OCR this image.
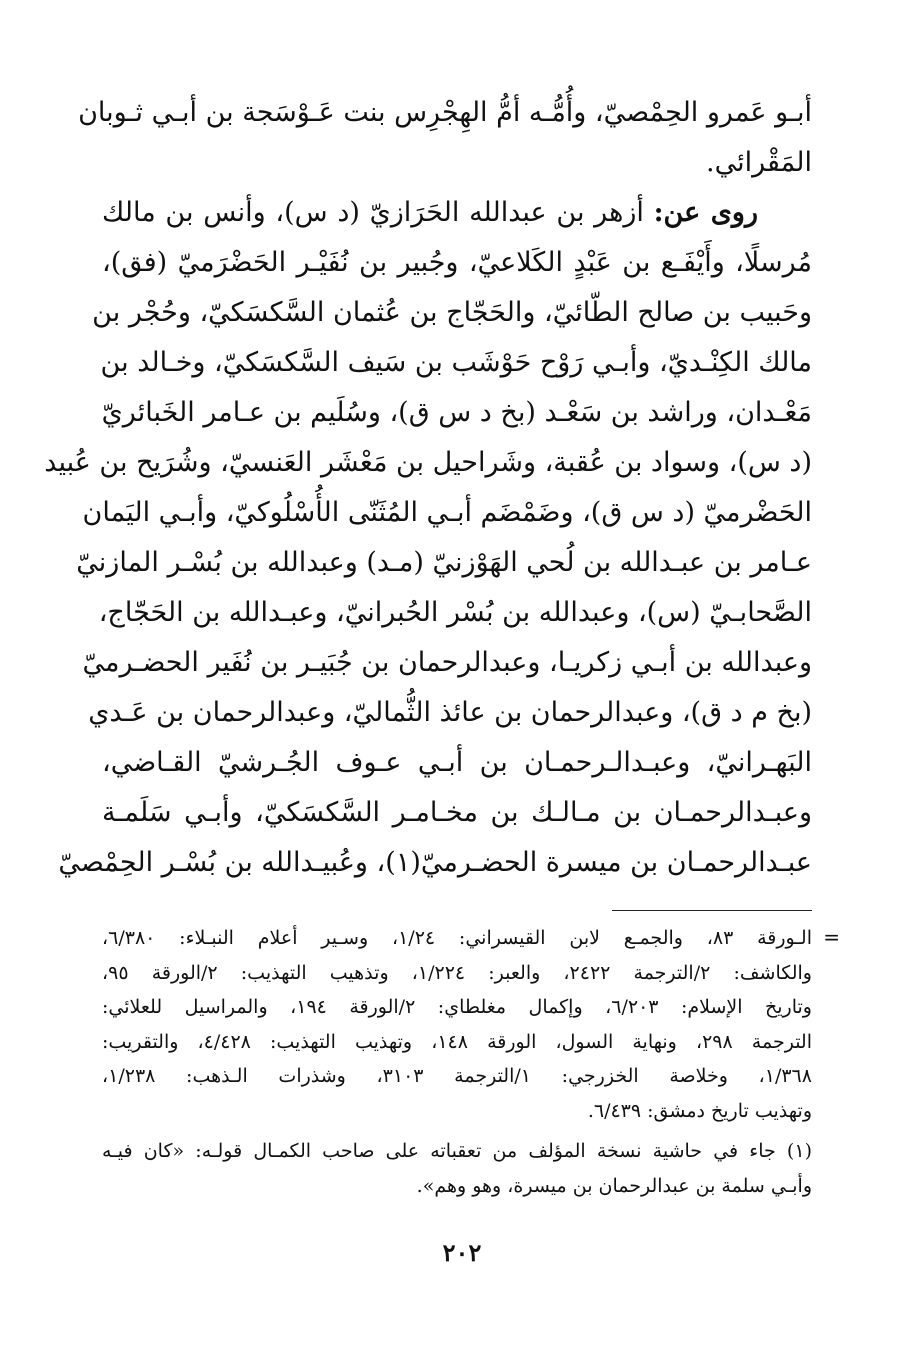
أبـو عَمرو الحِمْصيّ، وأُمُّـه أمُّ الهِجْرِس بنت عَـوْسَجة بن أبـي ثـوبان
المَقْرائي.
  روى عن: أزهر بن عبدالله الحَرَازيّ (د س)، وأنس بن مالك
مُرسلًا، وأَيْفَـع بن عَبْدٍ الكَلاعيّ، وجُبير بن نُفَيْـر الحَضْرَميّ (فق)،
وحَبيب بن صالح الطّائيّ، والحَجّاج بن عُثمان السَّكسَكيّ، وحُجْر بن
مالك الكِنْـديّ، وأبـي رَوْح حَوْشَب بن سَيف السَّكسَكيّ، وخـالد بن
مَعْـدان، وراشد بن سَعْـد (بخ د س ق)، وسُلَيم بن عـامر الخَبائريّ
(د س)، وسواد بن عُقبة، وشَراحيل بن مَعْشَر العَنسيّ، وشُرَيح بن عُبيد
الحَضْرميّ (د س ق)، وضَمْضَم أبـي المُثَنّى الأُسْلُوكيّ، وأبـي اليَمان
عـامر بن عبـدالله بن لُحي الهَوْزنيّ (مـد) وعبدالله بن بُسْـر المازنيّ
الصَّحابـيّ (س)، وعبدالله بن بُسْر الحُبرانيّ، وعبـدالله بن الحَجّاج،
وعبدالله بن أبـي زكريـا، وعبدالرحمان بن جُبَيـر بن نُفَير الحضـرميّ
(بخ م د ق)، وعبدالرحمان بن عائذ الثُّماليّ، وعبدالرحمان بن عَـدي
البَهـرانيّ، وعبـدالـرحمـان بن أبـي عـوف الجُـرشيّ القـاضي،
وعبـدالرحمـان بن مـالـك بن مخـامـر السَّكسَكيّ، وأبـي سَلَمـة
عبـدالرحمـان بن ميسرة الحضـرميّ(١)، وعُبيـدالله بن بُسْـر الحِمْصيّ
=
الـورقة ٨٣، والجمـع لابن القيسراني: ١/٢٤، وسـير أعلام النبـلاء: ٦/٣٨٠،
والكاشف: ٢/الترجمة ٢٤٢٢، والعبر: ١/٢٢٤، وتذهيب التهذيب: ٢/الورقة ٩٥،
وتاريخ الإسلام: ٦/٢٠٣، وإكمال مغلطاي: ٢/الورقة ١٩٤، والمراسيل للعلائي:
الترجمة ٢٩٨، ونهاية السول، الورقة ١٤٨، وتهذيب التهذيب: ٤/٤٢٨، والتقريب:
١/٣٦٨، وخلاصة الخزرجي: ١/الترجمة ٣١٠٣، وشذرات الـذهب: ١/٢٣٨،
وتهذيب تاريخ دمشق: ٦/٤٣٩.
(١) جاء في حاشية نسخة المؤلف من تعقباته على صاحب الكمـال قولـه: «كان فيـه
وأبـي سلمة بن عبدالرحمان بن ميسرة، وهو وهم».
٢٠٢
